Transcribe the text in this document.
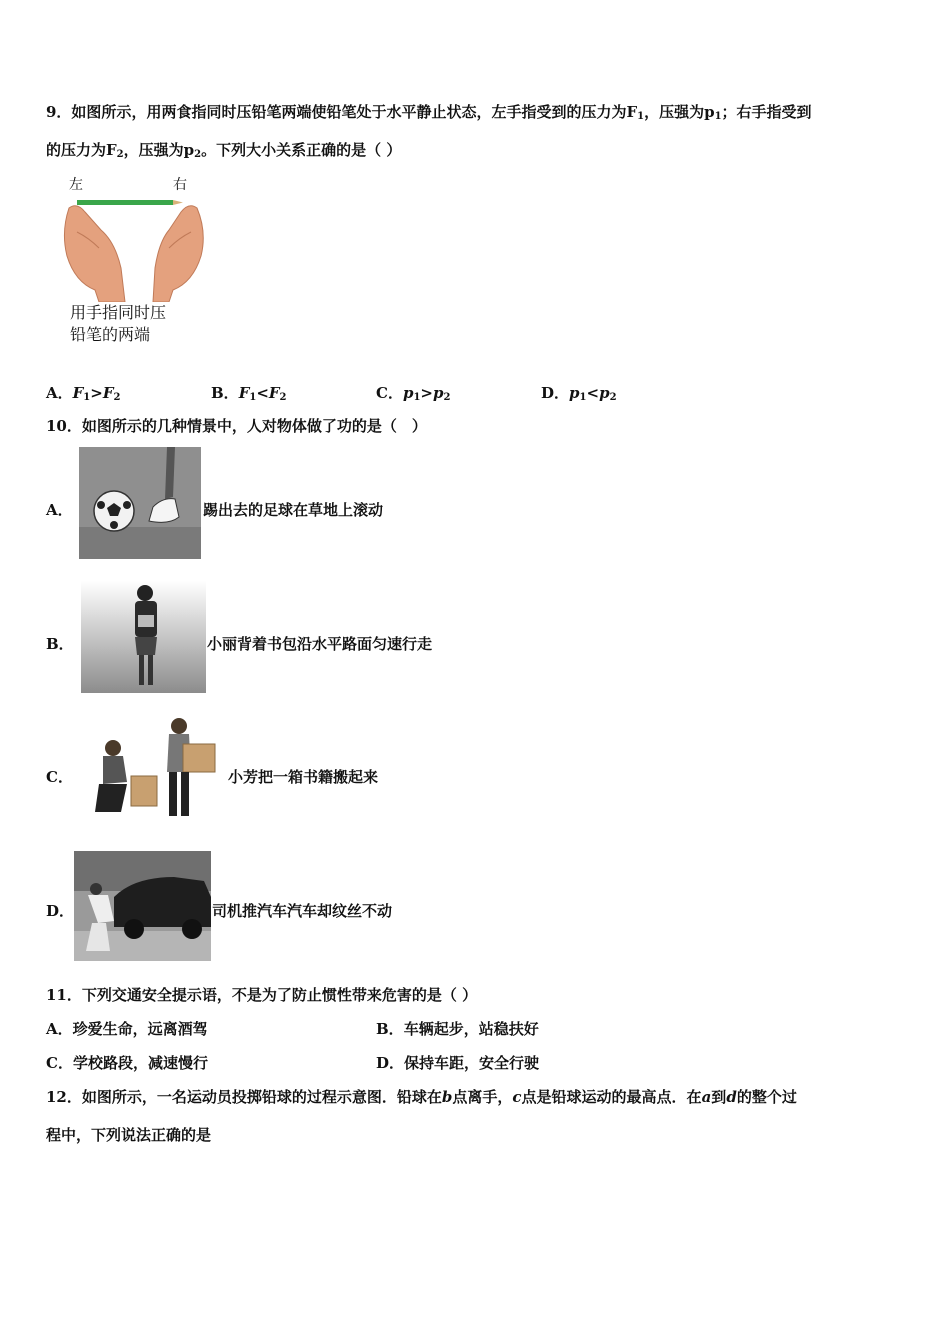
9．如图所示，用两食指同时压铅笔两端使铅笔处于水平静止状态，左手指受到的压力为$F_1$，压强为$p_1$；右手指受到
的压力为$F_2$，压强为$p_2$。下列大小关系正确的是（ ）
左	右
用手指同时压
铅笔的两端
A．$F_1>F_2$	B．$F_1<F_2$	C．$p_1>p_2$	D．$p_1<p_2$
10．如图所示的几种情景中，人对物体做了功的是（　）
A．	踢出去的足球在草地上滚动
B．	小丽背着书包沿水平路面匀速行走
C．	小芳把一箱书籍搬起来
D．	司机推汽车汽车却纹丝不动
11．下列交通安全提示语，不是为了防止惯性带来危害的是（ ）
A．珍爱生命，远离酒驾	B．车辆起步，站稳扶好
C．学校路段，减速慢行	D．保持车距，安全行驶
12．如图所示，一名运动员投掷铅球的过程示意图．铅球在b点离手，c点是铅球运动的最高点．在a到d的整个过
程中，下列说法正确的是
